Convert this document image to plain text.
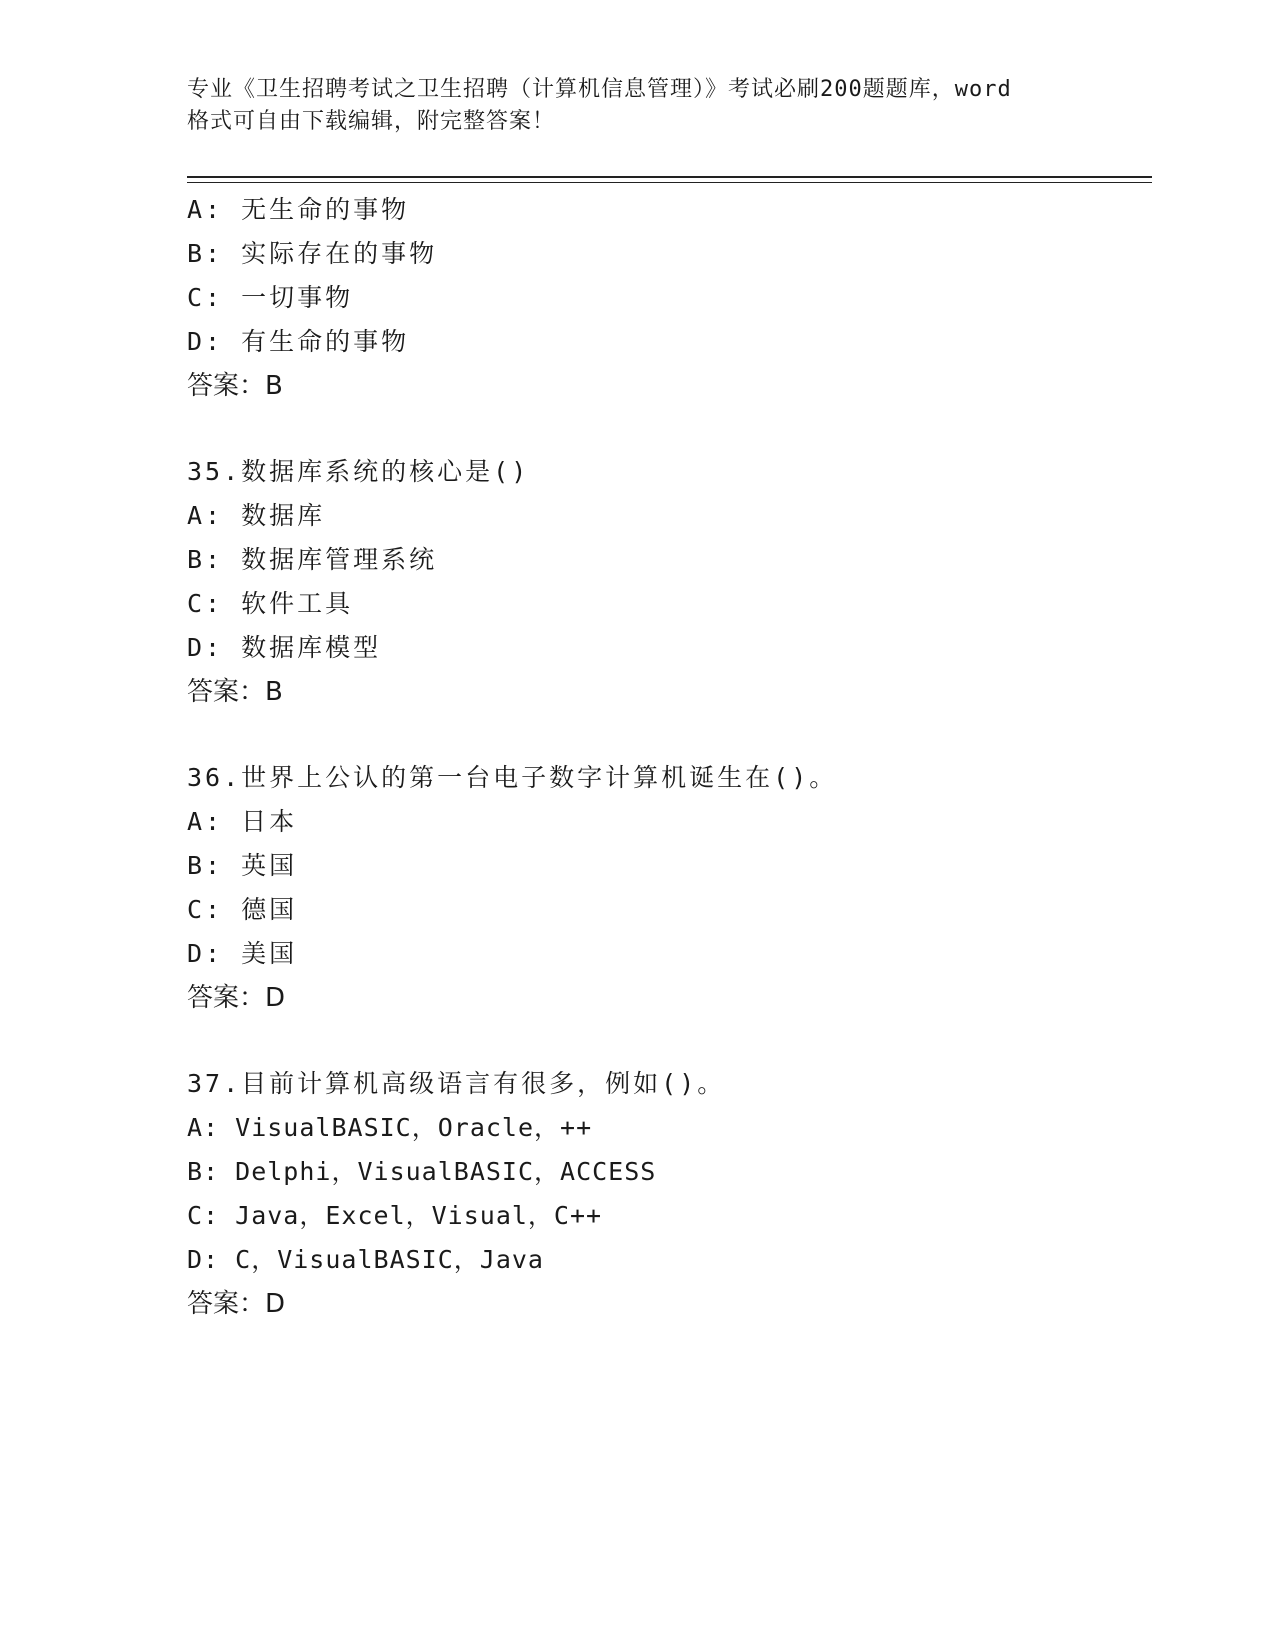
专业《卫生招聘考试之卫生招聘（计算机信息管理）》考试必刷200题题库，word
格式可自由下载编辑，附完整答案！
A: 无生命的事物
B: 实际存在的事物
C: 一切事物
D: 有生命的事物
答案：B
35.数据库系统的核心是()
A: 数据库
B: 数据库管理系统
C: 软件工具
D: 数据库模型
答案：B
36.世界上公认的第一台电子数字计算机诞生在()。
A: 日本
B: 英国
C: 德国
D: 美国
答案：D
37.目前计算机高级语言有很多，例如()。
A: VisualBASIC，Oracle，++
B: Delphi，VisualBASIC，ACCESS
C: Java，Excel，Visual，C++
D: C，VisualBASIC，Java
答案：D
